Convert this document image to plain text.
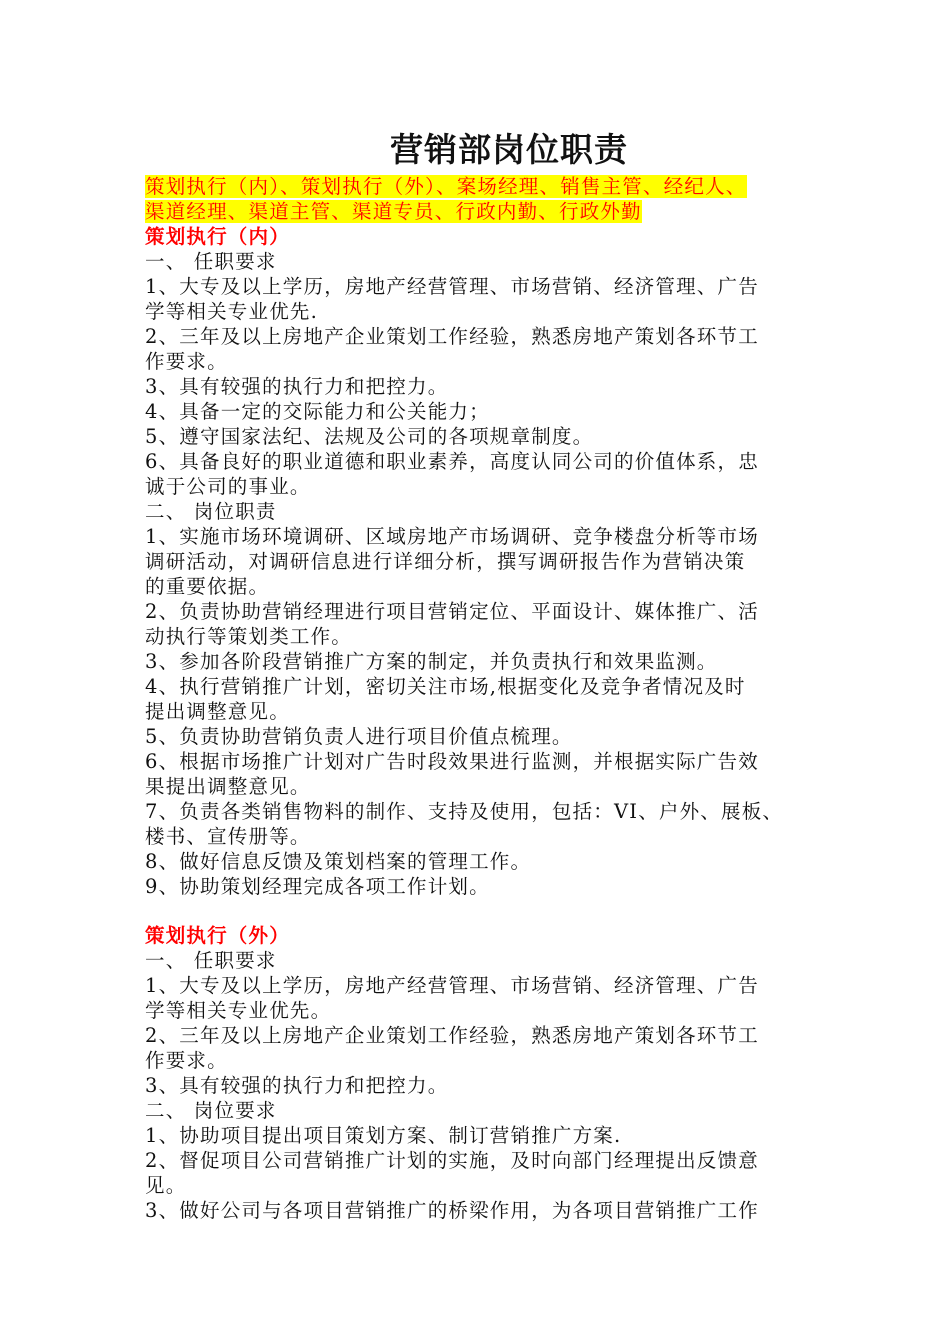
营销部岗位职责
策划执行（内）、策划执行（外）、案场经理、销售主管、经纪人、
渠道经理、渠道主管、渠道专员、行政内勤、行政外勤
策划执行（内）
一、 任职要求
1、大专及以上学历，房地产经营管理、市场营销、经济管理、广告
学等相关专业优先.
2、三年及以上房地产企业策划工作经验，熟悉房地产策划各环节工
作要求。
3、具有较强的执行力和把控力。
4、具备一定的交际能力和公关能力；
5、遵守国家法纪、法规及公司的各项规章制度。
6、具备良好的职业道德和职业素养，高度认同公司的价值体系，忠
诚于公司的事业。
二、 岗位职责
1、实施市场环境调研、区域房地产市场调研、竞争楼盘分析等市场
调研活动，对调研信息进行详细分析，撰写调研报告作为营销决策
的重要依据。
2、负责协助营销经理进行项目营销定位、平面设计、媒体推广、活
动执行等策划类工作。
3、参加各阶段营销推广方案的制定，并负责执行和效果监测。
4、执行营销推广计划，密切关注市场,根据变化及竞争者情况及时
提出调整意见。
5、负责协助营销负责人进行项目价值点梳理。
6、根据市场推广计划对广告时段效果进行监测，并根据实际广告效
果提出调整意见。
7、负责各类销售物料的制作、支持及使用，包括：VI、户外、展板、
楼书、宣传册等。
8、做好信息反馈及策划档案的管理工作。
9、协助策划经理完成各项工作计划。
策划执行（外）
一、 任职要求
1、大专及以上学历，房地产经营管理、市场营销、经济管理、广告
学等相关专业优先。
2、三年及以上房地产企业策划工作经验，熟悉房地产策划各环节工
作要求。
3、具有较强的执行力和把控力。
二、 岗位要求
1、协助项目提出项目策划方案、制订营销推广方案.
2、督促项目公司营销推广计划的实施，及时向部门经理提出反馈意
见。
3、做好公司与各项目营销推广的桥梁作用，为各项目营销推广工作
